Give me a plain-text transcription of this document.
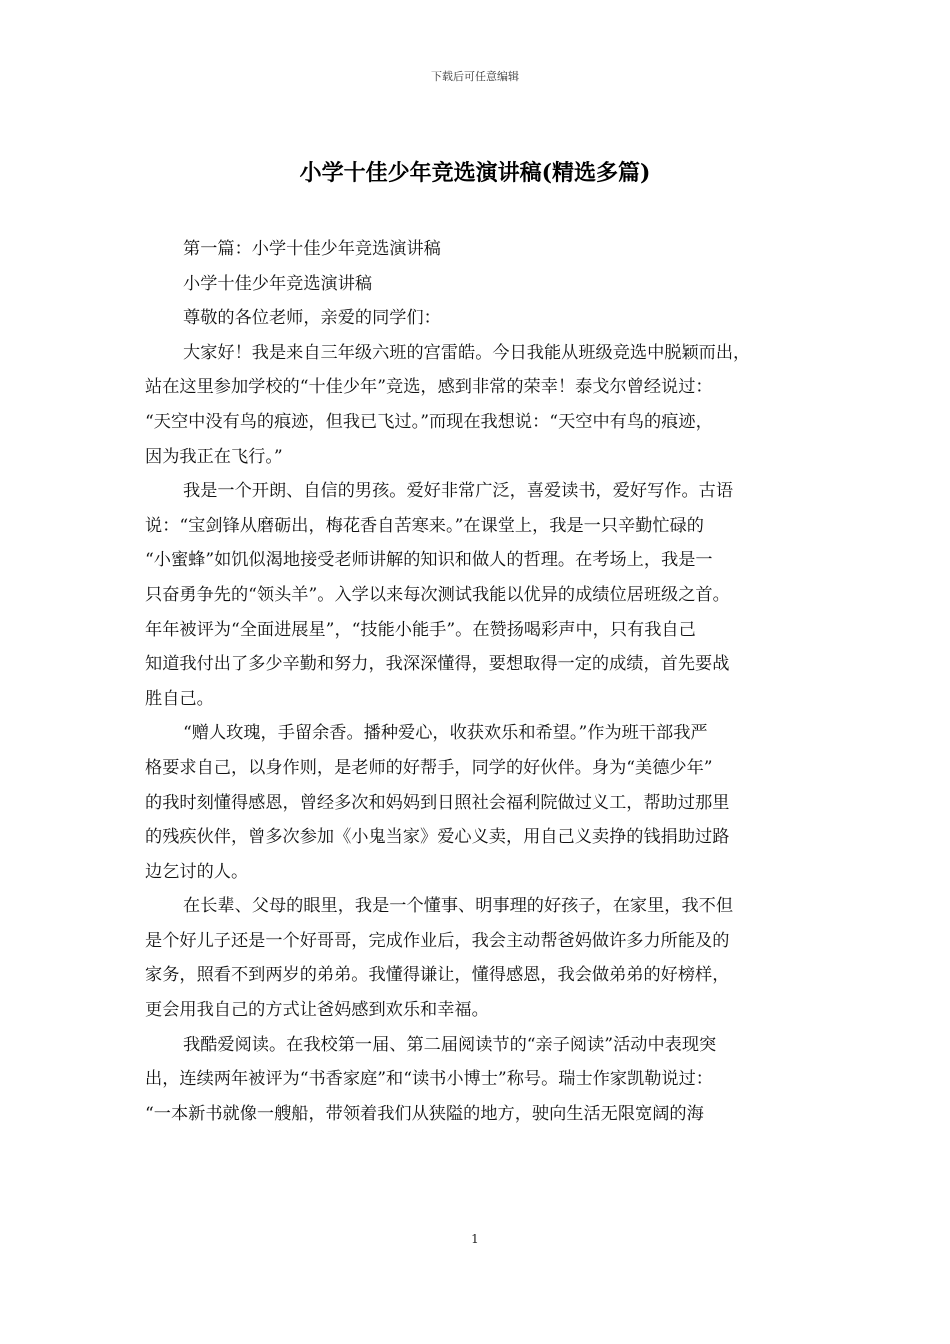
下载后可任意编辑
小学十佳少年竞选演讲稿(精选多篇)
第一篇：小学十佳少年竞选演讲稿
小学十佳少年竞选演讲稿
尊敬的各位老师，亲爱的同学们：
大家好！我是来自三年级六班的宫雷皓。今日我能从班级竞选中脱颖而出，
站在这里参加学校的“十佳少年”竞选，感到非常的荣幸！泰戈尔曾经说过：
“天空中没有鸟的痕迹，但我已飞过。”而现在我想说：“天空中有鸟的痕迹，
因为我正在飞行。”
我是一个开朗、自信的男孩。爱好非常广泛，喜爱读书，爱好写作。古语
说：“宝剑锋从磨砺出，梅花香自苦寒来。”在课堂上，我是一只辛勤忙碌的
“小蜜蜂”如饥似渴地接受老师讲解的知识和做人的哲理。在考场上，我是一
只奋勇争先的“领头羊”。入学以来每次测试我能以优异的成绩位居班级之首。
年年被评为“全面进展星”，“技能小能手”。在赞扬喝彩声中，只有我自己
知道我付出了多少辛勤和努力，我深深懂得，要想取得一定的成绩，首先要战
胜自己。
“赠人玫瑰，手留余香。播种爱心，收获欢乐和希望。”作为班干部我严
格要求自己，以身作则，是老师的好帮手，同学的好伙伴。身为“美德少年”
的我时刻懂得感恩，曾经多次和妈妈到日照社会福利院做过义工，帮助过那里
的残疾伙伴，曾多次参加《小鬼当家》爱心义卖，用自己义卖挣的钱捐助过路
边乞讨的人。
在长辈、父母的眼里，我是一个懂事、明事理的好孩子，在家里，我不但
是个好儿子还是一个好哥哥，完成作业后，我会主动帮爸妈做许多力所能及的
家务，照看不到两岁的弟弟。我懂得谦让，懂得感恩，我会做弟弟的好榜样，
更会用我自己的方式让爸妈感到欢乐和幸福。
我酷爱阅读。在我校第一届、第二届阅读节的“亲子阅读”活动中表现突
出，连续两年被评为“书香家庭”和“读书小博士”称号。瑞士作家凯勒说过：
“一本新书就像一艘船，带领着我们从狭隘的地方，驶向生活无限宽阔的海
1
